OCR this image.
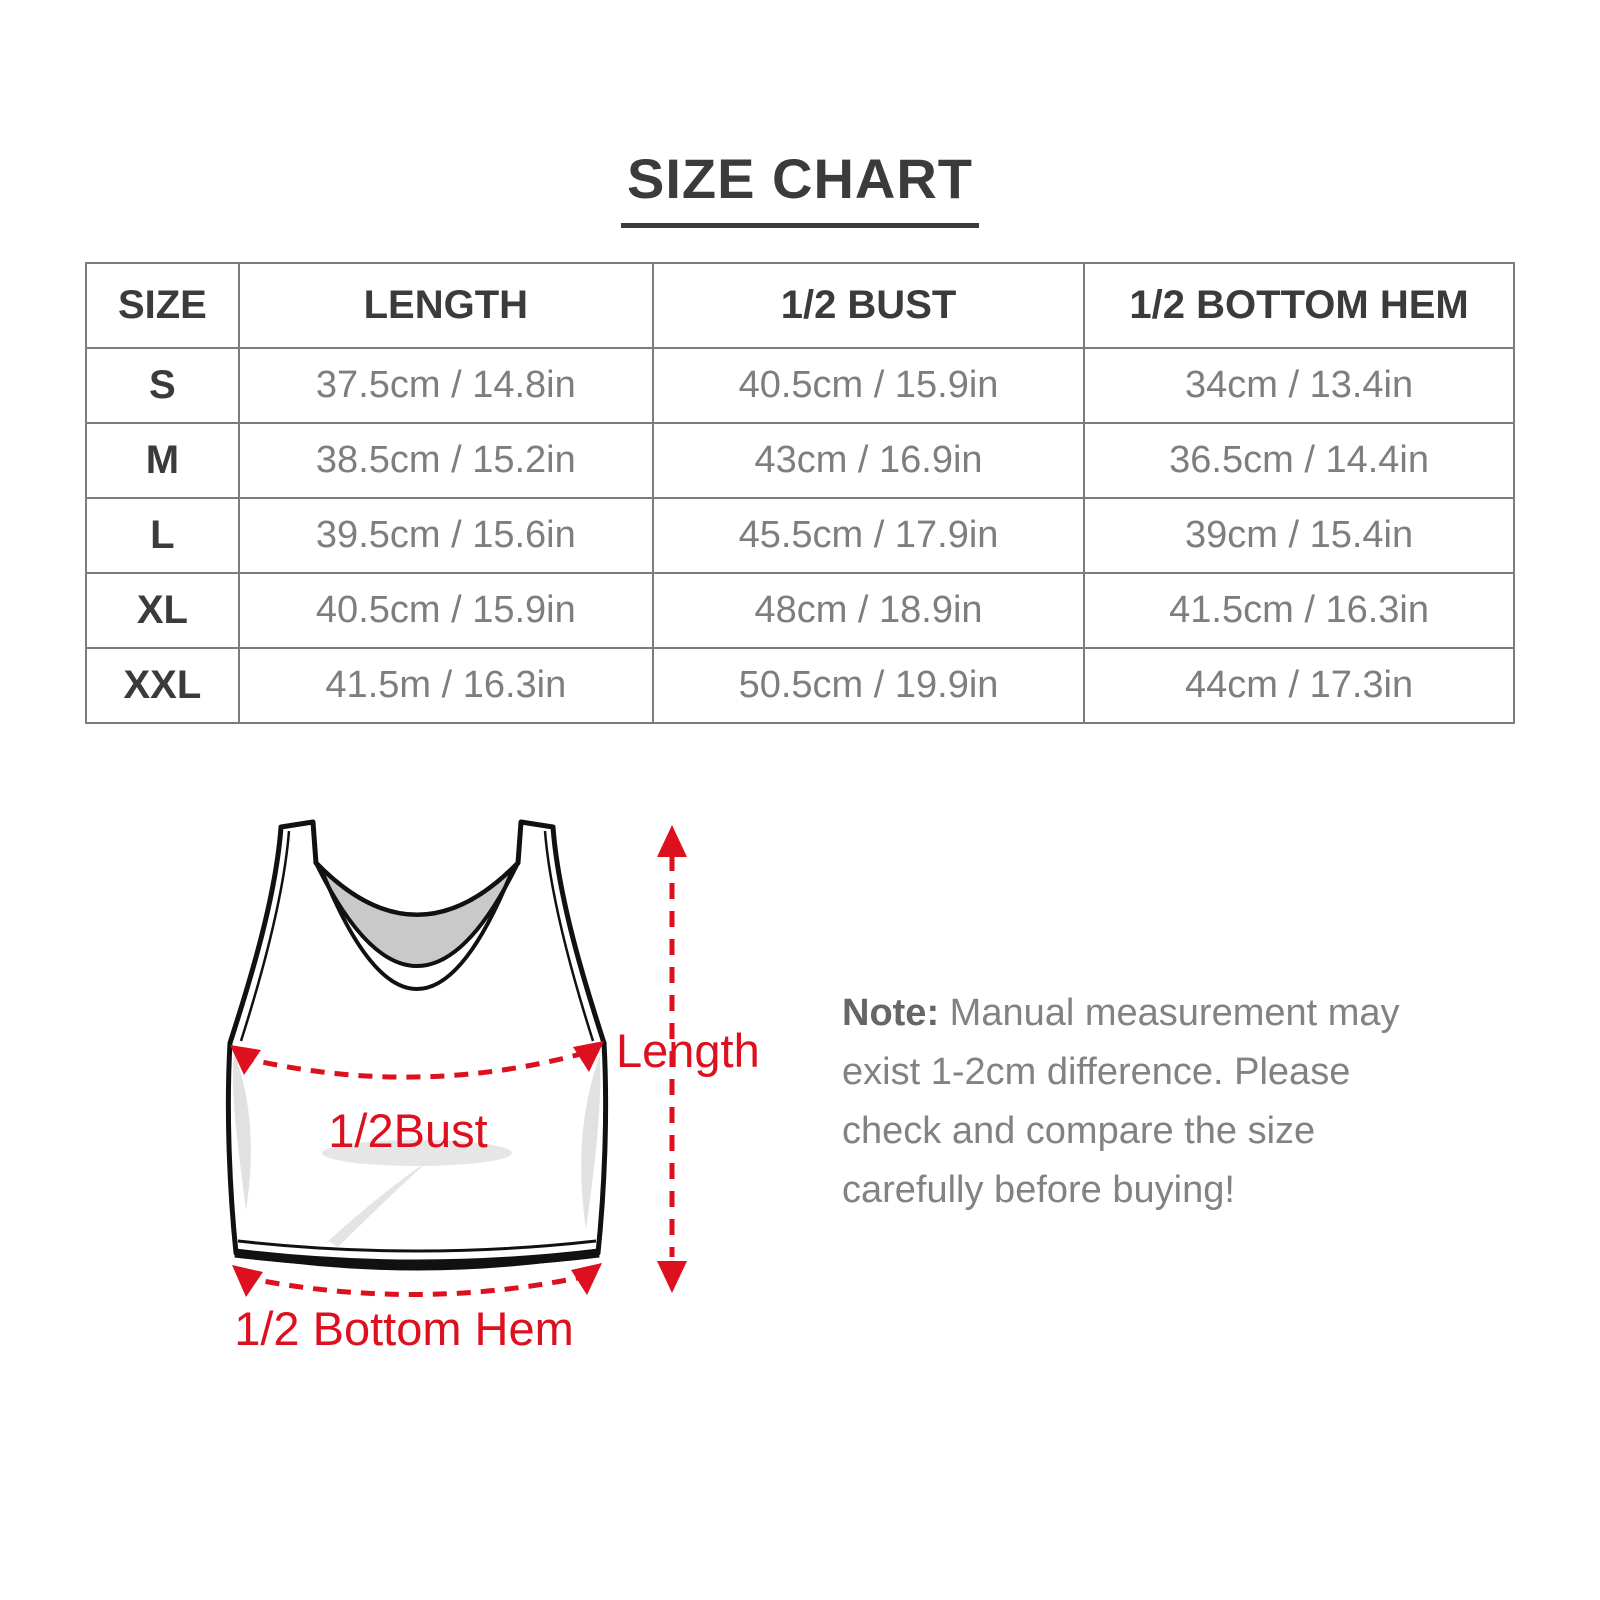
SIZE CHART
SIZE	LENGTH	1/2 BUST	1/2 BOTTOM HEM
S	37.5cm / 14.8in	40.5cm / 15.9in	34cm / 13.4in
M	38.5cm / 15.2in	43cm / 16.9in	36.5cm / 14.4in
L	39.5cm / 15.6in	45.5cm / 17.9in	39cm / 15.4in
XL	40.5cm / 15.9in	48cm / 18.9in	41.5cm / 16.3in
XXL	41.5m / 16.3in	50.5cm / 19.9in	44cm / 17.3in
Length
1/2Bust
1/2 Bottom Hem
Note: Manual measurement may
exist 1-2cm difference. Please
check and compare the size
carefully before buying!
